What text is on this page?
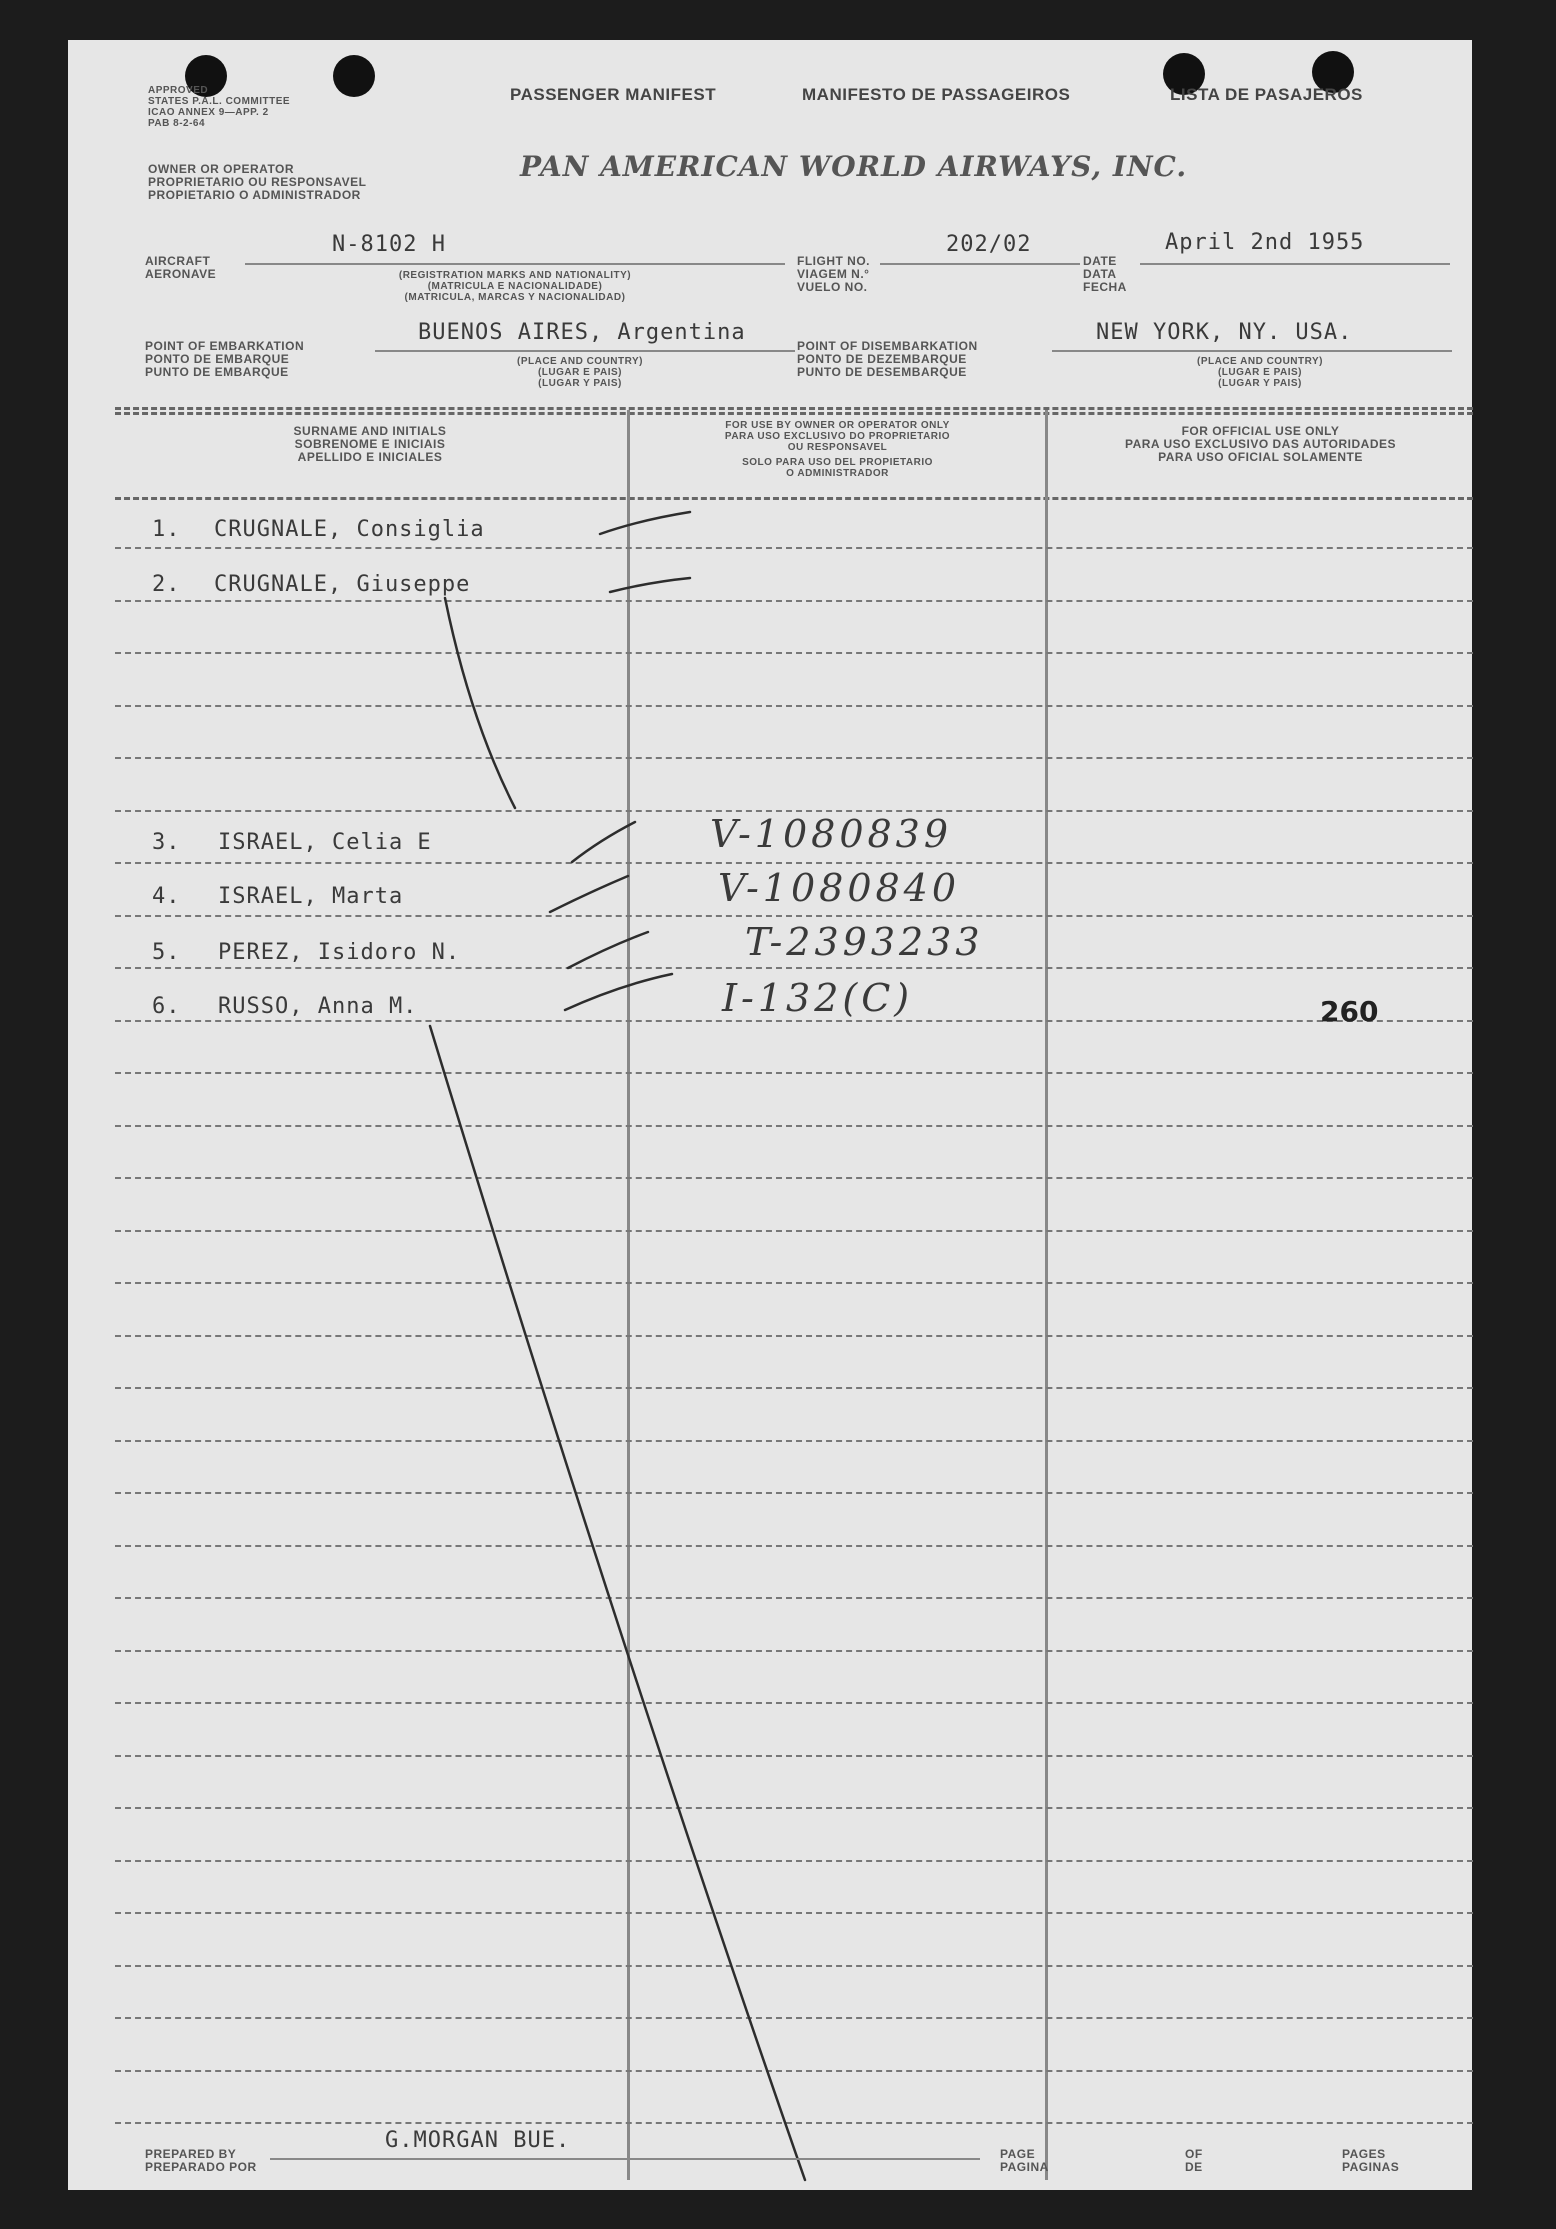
APPROVED
STATES P.A.L. COMMITTEE
ICAO ANNEX 9—APP. 2
PAB 8-2-64
PASSENGER MANIFEST	MANIFESTO DE PASSAGEIROS	LISTA DE PASAJEROS
OWNER OR OPERATOR
PROPRIETARIO OU RESPONSAVEL
PROPIETARIO O ADMINISTRADOR
PAN AMERICAN WORLD AIRWAYS, INC.
AIRCRAFT
AERONAVE
N-8102 H
(REGISTRATION MARKS AND NATIONALITY)
(MATRICULA E NACIONALIDADE)
(MATRICULA, MARCAS Y NACIONALIDAD)
FLIGHT NO.
VIAGEM N.°
VUELO NO.
202/02
DATE
DATA
FECHA
April 2nd 1955
POINT OF EMBARKATION
PONTO DE EMBARQUE
PUNTO DE EMBARQUE
BUENOS AIRES, Argentina
(PLACE AND COUNTRY)
(LUGAR E PAIS)
(LUGAR Y PAIS)
POINT OF DISEMBARKATION
PONTO DE DEZEMBARQUE
PUNTO DE DESEMBARQUE
NEW YORK, NY. USA.
(PLACE AND COUNTRY)
(LUGAR E PAIS)
(LUGAR Y PAIS)
SURNAME AND INITIALS
SOBRENOME E INICIAIS
APELLIDO E INICIALES
FOR USE BY OWNER OR OPERATOR ONLY
PARA USO EXCLUSIVO DO PROPRIETARIO
OU RESPONSAVEL
SOLO PARA USO DEL PROPIETARIO
O ADMINISTRADOR
FOR OFFICIAL USE ONLY
PARA USO EXCLUSIVO DAS AUTORIDADES
PARA USO OFICIAL SOLAMENTE
1. CRUGNALE, Consiglia
2. CRUGNALE, Giuseppe
3. ISRAEL, Celia E	V-1080839
4. ISRAEL, Marta	V-1080840
5. PEREZ, Isidoro N.	T-2393233
6. RUSSO, Anna M.	I-132(C)	260
PREPARED BY
PREPARADO POR
G.MORGAN BUE.
PAGE
PAGINA
OF
DE
PAGES
PAGINAS
